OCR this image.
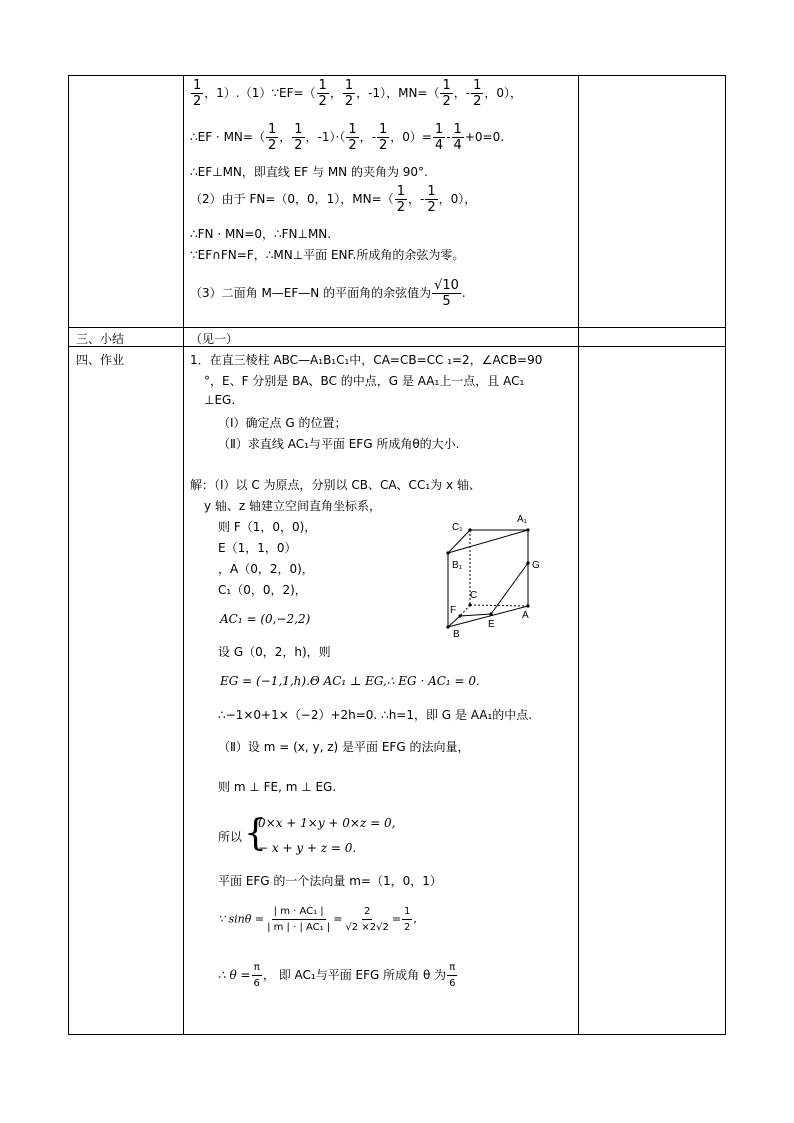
$\frac{1}{2}$ ，1）.（1）∵EF=（ $\frac{1}{2}$ ， $\frac{1}{2}$ ，-1），$MN=( \frac{1}{2}$ ，- $\frac{1}{2}$ ，0），
∴EF · $MN=( \frac{1}{2}$ ， $\frac{1}{2}$ ，$-1)\cdot( \frac{1}{2}$ ，- $\frac{1}{2}$ ，$0)= \frac{1}{4} - \frac{1}{4} +0=0$.
∴EF⊥MN，即直线 EF 与 MN 的夹角为 90°.
（2）由于 FN=（0，0，1），$MN=( \frac{1}{2}$ ，- $\frac{1}{2}$ ，0），
∴FN · MN=0，∴FN⊥MN.
∵EF∩FN=F，∴MN⊥平面 ENF.所成角的余弦为零。
（3）二面角 M—EF—N 的平面角的余弦值为 $\frac{√10}{5}$ .
三、小结	（见一）
四、作业	1．在直三棱柱 ABC—A₁B₁C₁中，CA=CB=CC ₁=2，∠ACB=90
°，E、F 分别是 BA、BC 的中点，G 是 AA₁上一点，且 AC₁
⊥EG.
（Ⅰ）确定点 G 的位置；
（Ⅱ）求直线 AC₁与平面 EFG 所成角θ的大小.
解：（Ⅰ）以 C 为原点，分别以 CB、CA、CC₁为 x 轴、
y 轴、z 轴建立空间直角坐标系，
则 F（1，0，0)，
E（1，1，0）
，A（0，2，0)，
C₁（0，0，2)，
AC₁ = (0,−2,2)
设 G（0，2，h)，则
EG = (−1,1,h).Θ AC₁ ⊥ EG,∴ EG · AC₁ = 0.
∴−1×0+1×（−2）+2h=0. ∴h=1，即 G 是 AA₁的中点.
（Ⅱ）设 m = (x, y, z) 是平面 EFG 的法向量，
则 m ⊥ FE, m ⊥ EG.
所以 {
0×x + 1×y + 0×z = 0,
− x + y + z = 0.
平面 EFG 的一个法向量 m=（1，0，1）
∵ $\sin\theta = \frac{\text{| m · AC₁ |}}{\text{| m | · | AC₁ |}} = \frac{2}{√2 \times 2√2} = \frac{1}{2}$ ,
∴ $\theta = \frac{\pi}{6}$ ， 即 AC₁与平面 EFG 所成角 θ 为 $\frac{\pi}{6}$
C₁
A₁
B₁	G
C
F	A
B
E
